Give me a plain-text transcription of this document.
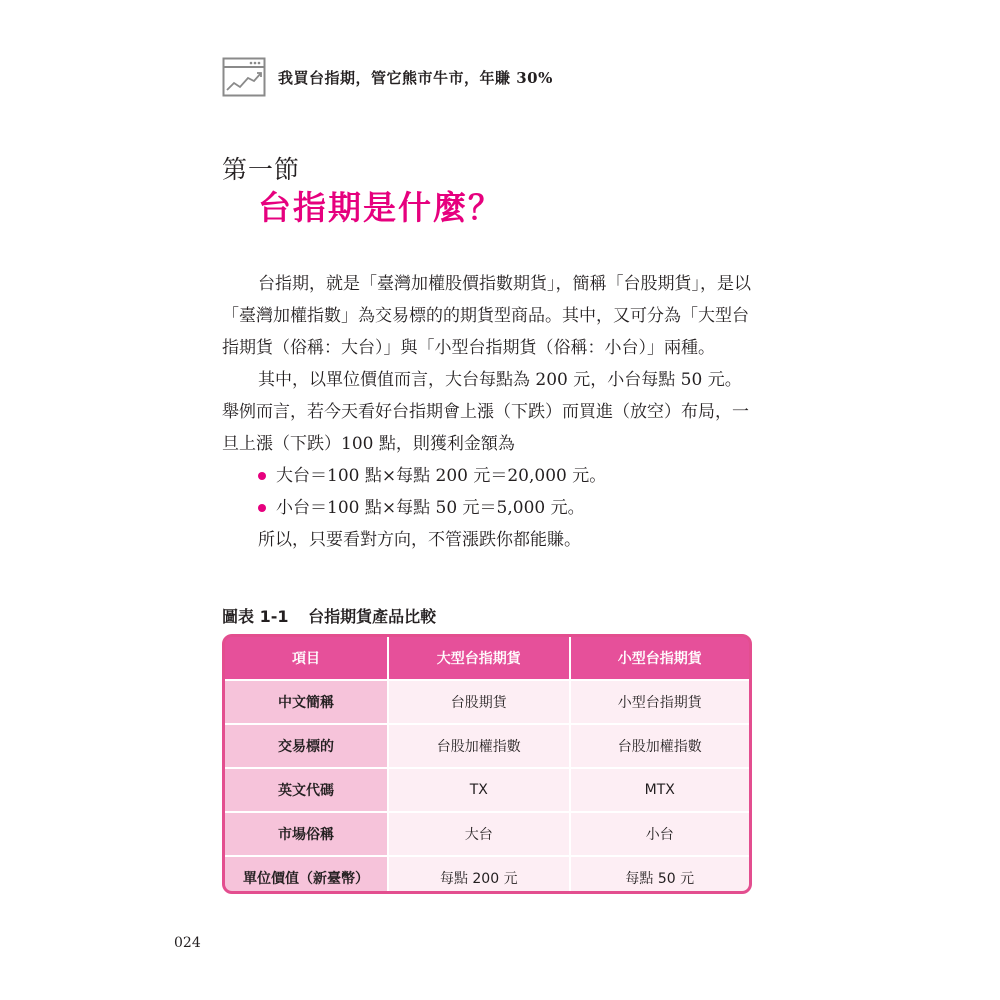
我買台指期，管它熊市牛市，年賺 30%
第一節
台指期是什麼？

台指期，就是「臺灣加權股價指數期貨」，簡稱「台股期貨」，是以「臺灣加權指數」為交易標的的期貨型商品。其中，又可分為「大型台指期貨（俗稱：大台）」與「小型台指期貨（俗稱：小台）」兩種。

其中，以單位價值而言，大台每點為 200 元，小台每點 50 元。舉例而言，若今天看好台指期會上漲（下跌）而買進（放空）布局，一旦上漲（下跌）100 點，則獲利金額為

大台＝100 點×每點 200 元＝20,000 元。

小台＝100 點×每點 50 元＝5,000 元。

所以，只要看對方向，不管漲跌你都能賺。

圖表 1-1 台指期貨產品比較
項目	大型台指期貨	小型台指期貨
中文簡稱	台股期貨	小型台指期貨
交易標的	台股加權指數	台股加權指數
英文代碼	TX	MTX
市場俗稱	大台	小台
單位價值（新臺幣）	每點 200 元	每點 50 元
024
